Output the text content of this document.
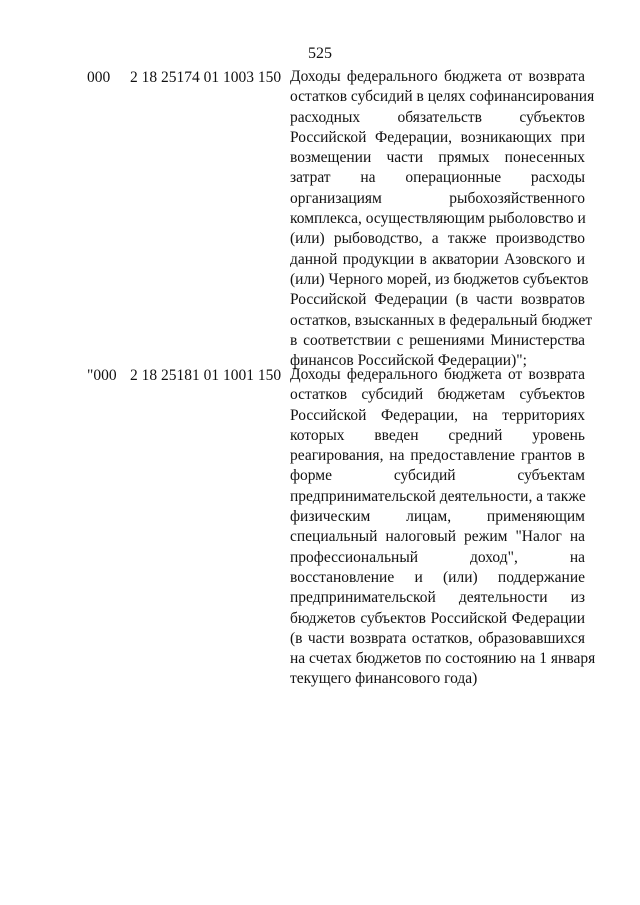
525
000 2 18 25174 01 1003 150 Доходы федерального бюджета от возврата
остатков субсидий в целях софинансирования
расходных обязательств субъектов
Российской Федерации, возникающих при
возмещении части прямых понесенных
затрат на операционные расходы
организациям рыбохозяйственного
комплекса, осуществляющим рыболовство и
(или) рыбоводство, а также производство
данной продукции в акватории Азовского и
(или) Черного морей, из бюджетов субъектов
Российской Федерации (в части возвратов
остатков, взысканных в федеральный бюджет
в соответствии с решениями Министерства
финансов Российской Федерации)";
"000 2 18 25181 01 1001 150 Доходы федерального бюджета от возврата
остатков субсидий бюджетам субъектов
Российской Федерации, на территориях
которых введен средний уровень
реагирования, на предоставление грантов в
форме субсидий субъектам
предпринимательской деятельности, а также
физическим лицам, применяющим
специальный налоговый режим "Налог на
профессиональный доход", на
восстановление и (или) поддержание
предпринимательской деятельности из
бюджетов субъектов Российской Федерации
(в части возврата остатков, образовавшихся
на счетах бюджетов по состоянию на 1 января
текущего финансового года)
